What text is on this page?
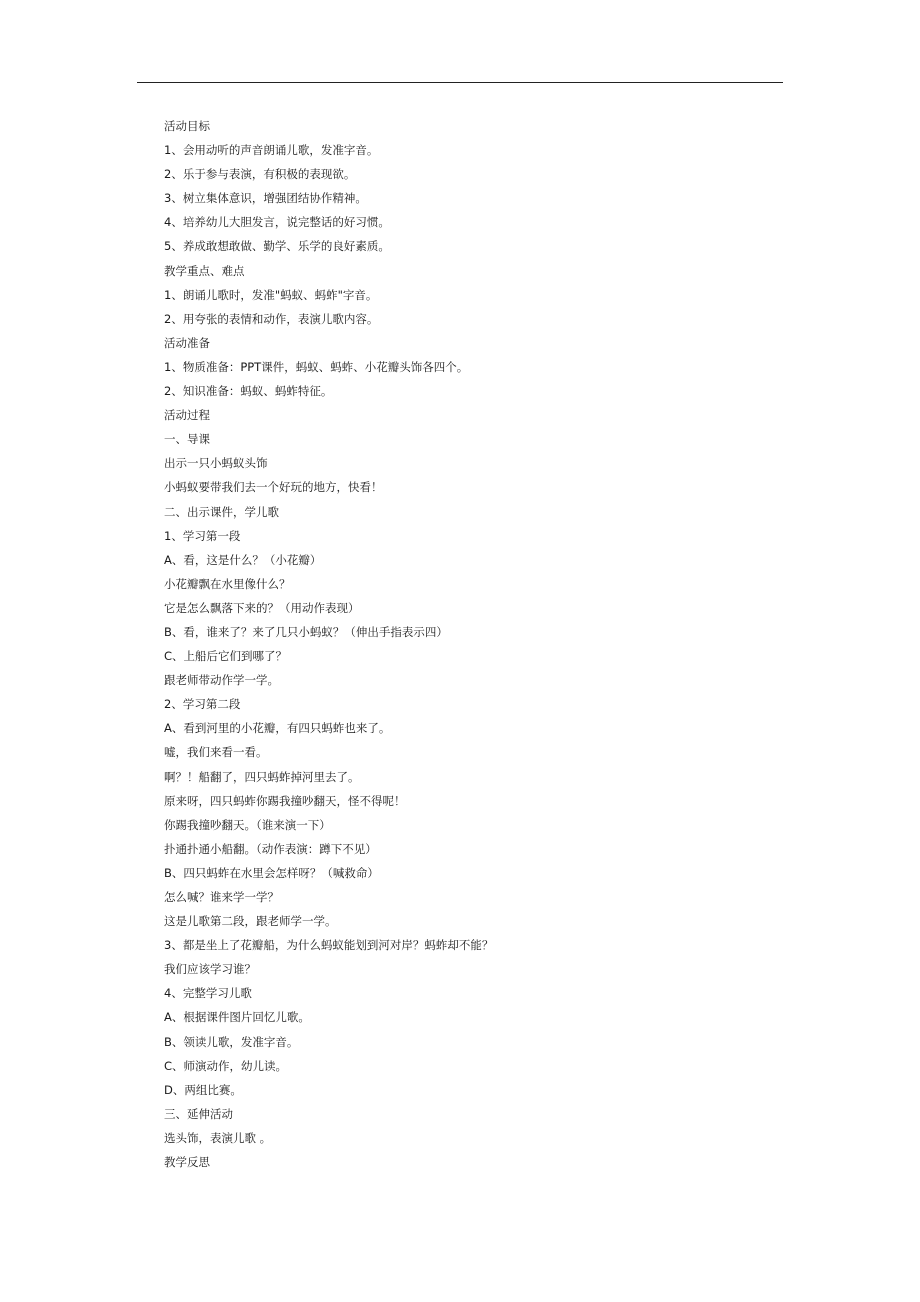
活动目标
1、会用动听的声音朗诵儿歌，发准字音。
2、乐于参与表演，有积极的表现欲。
3、树立集体意识，增强团结协作精神。
4、培养幼儿大胆发言，说完整话的好习惯。
5、养成敢想敢做、勤学、乐学的良好素质。
教学重点、难点
1、朗诵儿歌时，发准"蚂蚁、蚂蚱"字音。
2、用夸张的表情和动作，表演儿歌内容。
活动准备
1、物质准备：PPT课件，蚂蚁、蚂蚱、小花瓣头饰各四个。
2、知识准备：蚂蚁、蚂蚱特征。
活动过程
一、导课
出示一只小蚂蚁头饰
小蚂蚁要带我们去一个好玩的地方，快看！
二、出示课件，学儿歌
1、学习第一段
A、看，这是什么？（小花瓣）
小花瓣飘在水里像什么？
它是怎么飘落下来的？（用动作表现）
B、看，谁来了？来了几只小蚂蚁？（伸出手指表示四）
C、上船后它们到哪了？
跟老师带动作学一学。
2、学习第二段
A、看到河里的小花瓣，有四只蚂蚱也来了。
嘘，我们来看一看。
啊？！船翻了，四只蚂蚱掉河里去了。
原来呀，四只蚂蚱你踢我撞吵翻天，怪不得呢！
你踢我撞吵翻天。（谁来演一下）
扑通扑通小船翻。（动作表演：蹲下不见）
B、四只蚂蚱在水里会怎样呀？（喊救命）
怎么喊？谁来学一学？
这是儿歌第二段，跟老师学一学。
3、都是坐上了花瓣船，为什么蚂蚁能划到河对岸？蚂蚱却不能？
我们应该学习谁？
4、完整学习儿歌
A、根据课件图片回忆儿歌。
B、领读儿歌，发准字音。
C、师演动作，幼儿读。
D、两组比赛。
三、延伸活动
选头饰，表演儿歌 。
教学反思
